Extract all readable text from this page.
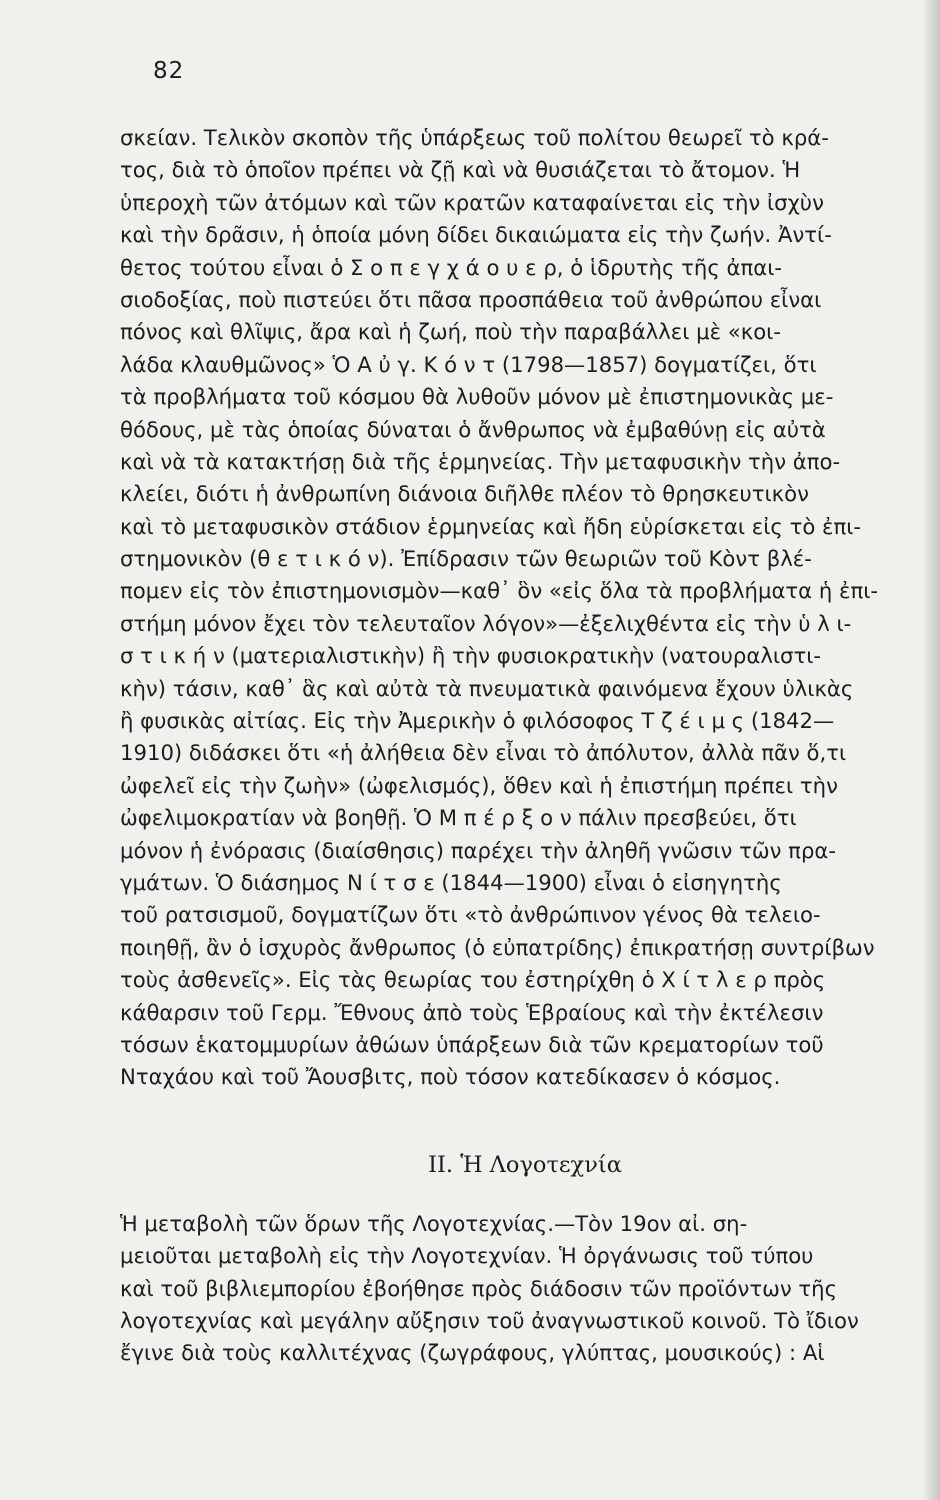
82
σκείαν. Τελικὸν σκοπὸν τῆς ὑπάρξεως τοῦ πολίτου θεωρεῖ τὸ κρά-
τος, διὰ τὸ ὁποῖον πρέπει νὰ ζῇ καὶ νὰ θυσιάζεται τὸ ἄτομον. Ἡ
ὑπεροχὴ τῶν ἀτόμων καὶ τῶν κρατῶν καταφαίνεται εἰς τὴν ἰσχὺν
καὶ τὴν δρᾶσιν, ἡ ὁποία μόνη δίδει δικαιώματα εἰς τὴν ζωήν. Ἀντί-
θετος τούτου εἶναι ὁ Σ ο π ε γ χ ά ο υ ε ρ, ὁ ἱδρυτὴς τῆς ἀπαι-
σιοδοξίας, ποὺ πιστεύει ὅτι πᾶσα προσπάθεια τοῦ ἀνθρώπου εἶναι
πόνος καὶ θλῖψις, ἄρα καὶ ἡ ζωή, ποὺ τὴν παραβάλλει μὲ «κοι-
λάδα κλαυθμῶνος» Ὁ Α ὐ γ. Κ ό ν τ (1798—1857) δογματίζει, ὅτι
τὰ προβλήματα τοῦ κόσμου θὰ λυθοῦν μόνον μὲ ἐπιστημονικὰς με-
θόδους, μὲ τὰς ὁποίας δύναται ὁ ἄνθρωπος νὰ ἐμβαθύνῃ εἰς αὐτὰ
καὶ νὰ τὰ κατακτήσῃ διὰ τῆς ἑρμηνείας. Τὴν μεταφυσικὴν τὴν ἀπο-
κλείει, διότι ἡ ἀνθρωπίνη διάνοια διῆλθε πλέον τὸ θρησκευτικὸν
καὶ τὸ μεταφυσικὸν στάδιον ἑρμηνείας καὶ ἤδη εὑρίσκεται εἰς τὸ ἐπι-
στημονικὸν (θ ε τ ι κ ό ν). Ἐπίδρασιν τῶν θεωριῶν τοῦ Κὸντ βλέ-
πομεν εἰς τὸν ἐπιστημονισμὸν—καθ᾿ ὃν «εἰς ὅλα τὰ προβλήματα ἡ ἐπι-
στήμη μόνον ἔχει τὸν τελευταῖον λόγον»—ἐξελιχθέντα εἰς τὴν ὑ λ ι-
σ τ ι κ ή ν (ματεριαλιστικὴν) ἢ τὴν φυσιοκρατικὴν (νατουραλιστι-
κὴν) τάσιν, καθ᾿ ἃς καὶ αὐτὰ τὰ πνευματικὰ φαινόμενα ἔχουν ὑλικὰς
ἢ φυσικὰς αἰτίας. Εἰς τὴν Ἀμερικὴν ὁ φιλόσοφος Τ ζ έ ι μ ς (1842—
1910) διδάσκει ὅτι «ἡ ἀλήθεια δὲν εἶναι τὸ ἀπόλυτον, ἀλλὰ πᾶν ὅ,τι
ὠφελεῖ εἰς τὴν ζωὴν» (ὠφελισμός), ὅθεν καὶ ἡ ἐπιστήμη πρέπει τὴν
ὠφελιμοκρατίαν νὰ βοηθῇ. Ὁ Μ π έ ρ ξ ο ν πάλιν πρεσβεύει, ὅτι
μόνον ἡ ἐνόρασις (διαίσθησις) παρέχει τὴν ἀληθῆ γνῶσιν τῶν πρα-
γμάτων. Ὁ διάσημος Ν ί τ σ ε (1844—1900) εἶναι ὁ εἰσηγητὴς
τοῦ ρατσισμοῦ, δογματίζων ὅτι «τὸ ἀνθρώπινον γένος θὰ τελειο-
ποιηθῇ, ἂν ὁ ἰσχυρὸς ἄνθρωπος (ὁ εὐπατρίδης) ἐπικρατήσῃ συντρίβων
τοὺς ἀσθενεῖς». Εἰς τὰς θεωρίας του ἐστηρίχθη ὁ Χ ί τ λ ε ρ πρὸς
κάθαρσιν τοῦ Γερμ. Ἔθνους ἀπὸ τοὺς Ἑβραίους καὶ τὴν ἐκτέλεσιν
τόσων ἑκατομμυρίων ἀθώων ὑπάρξεων διὰ τῶν κρεματορίων τοῦ
Νταχάου καὶ τοῦ Ἄουσβιτς, ποὺ τόσον κατεδίκασεν ὁ κόσμος.
ΙΙ. Ἡ Λογοτεχνία
Ἡ μεταβολὴ τῶν ὅρων τῆς Λογοτεχνίας.—Τὸν 19ον αἰ. ση-
μειοῦται μεταβολὴ εἰς τὴν Λογοτεχνίαν. Ἡ ὀργάνωσις τοῦ τύπου
καὶ τοῦ βιβλιεμπορίου ἐβοήθησε πρὸς διάδοσιν τῶν προϊόντων τῆς
λογοτεχνίας καὶ μεγάλην αὔξησιν τοῦ ἀναγνωστικοῦ κοινοῦ. Τὸ ἴδιον
ἔγινε διὰ τοὺς καλλιτέχνας (ζωγράφους, γλύπτας, μουσικούς) : Αἱ
